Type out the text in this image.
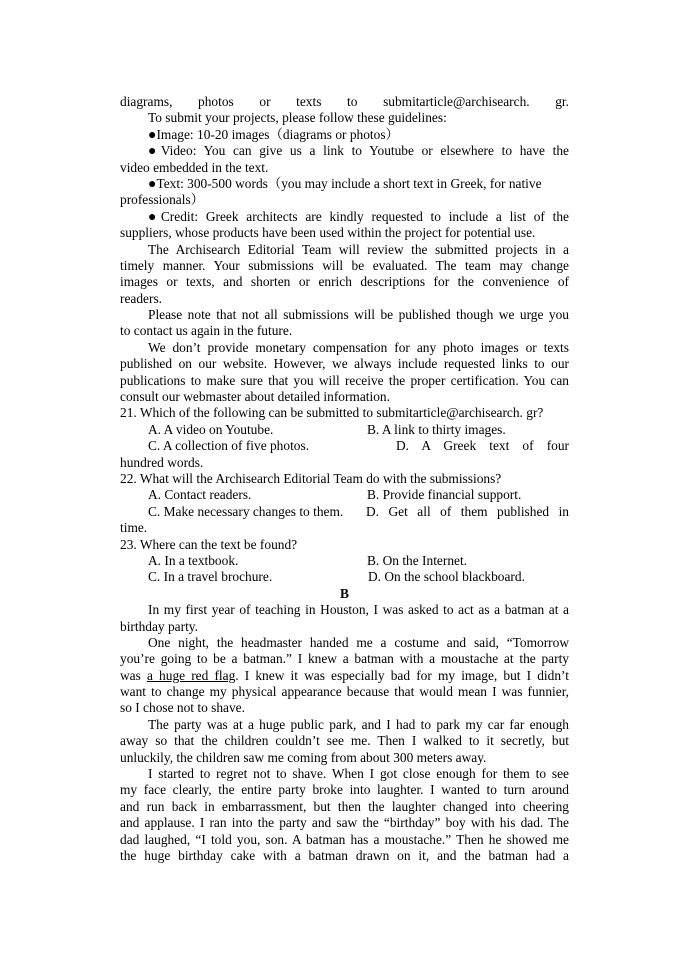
diagrams, photos or texts to submitarticle@archisearch. gr.
To submit your projects, please follow these guidelines:
●Image: 10-20 images（diagrams or photos）
●Video: You can give us a link to Youtube or elsewhere to have the
video embedded in the text.
●Text: 300-500 words（you may include a short text in Greek, for native
professionals）
●Credit: Greek architects are kindly requested to include a list of the
suppliers, whose products have been used within the project for potential use.
The Archisearch Editorial Team will review the submitted projects in a
timely manner. Your submissions will be evaluated. The team may change
images or texts, and shorten or enrich descriptions for the convenience of
readers.
Please note that not all submissions will be published though we urge you
to contact us again in the future.
We don’t provide monetary compensation for any photo images or texts
published on our website. However, we always include requested links to our
publications to make sure that you will receive the proper certification. You can
consult our webmaster about detailed information.
21. Which of the following can be submitted to submitarticle@archisearch. gr?
A. A video on Youtube.	B. A link to thirty images.
C. A collection of five photos.	D. A Greek text of four
hundred words.
22. What will the Archisearch Editorial Team do with the submissions?
A. Contact readers.	B. Provide financial support.
C. Make necessary changes to them.	D. Get all of them published in
time.
23. Where can the text be found?
A. In a textbook.	B. On the Internet.
C. In a travel brochure.	D. On the school blackboard.
B
In my first year of teaching in Houston, I was asked to act as a batman at a
birthday party.
One night, the headmaster handed me a costume and said, “Tomorrow
you’re going to be a batman.” I knew a batman with a moustache at the party
was a huge red flag. I knew it was especially bad for my image, but I didn’t
want to change my physical appearance because that would mean I was funnier,
so I chose not to shave.
The party was at a huge public park, and I had to park my car far enough
away so that the children couldn’t see me. Then I walked to it secretly, but
unluckily, the children saw me coming from about 300 meters away.
I started to regret not to shave. When I got close enough for them to see
my face clearly, the entire party broke into laughter. I wanted to turn around
and run back in embarrassment, but then the laughter changed into cheering
and applause. I ran into the party and saw the “birthday” boy with his dad. The
dad laughed, “I told you, son. A batman has a moustache.” Then he showed me
the huge birthday cake with a batman drawn on it, and the batman had a
